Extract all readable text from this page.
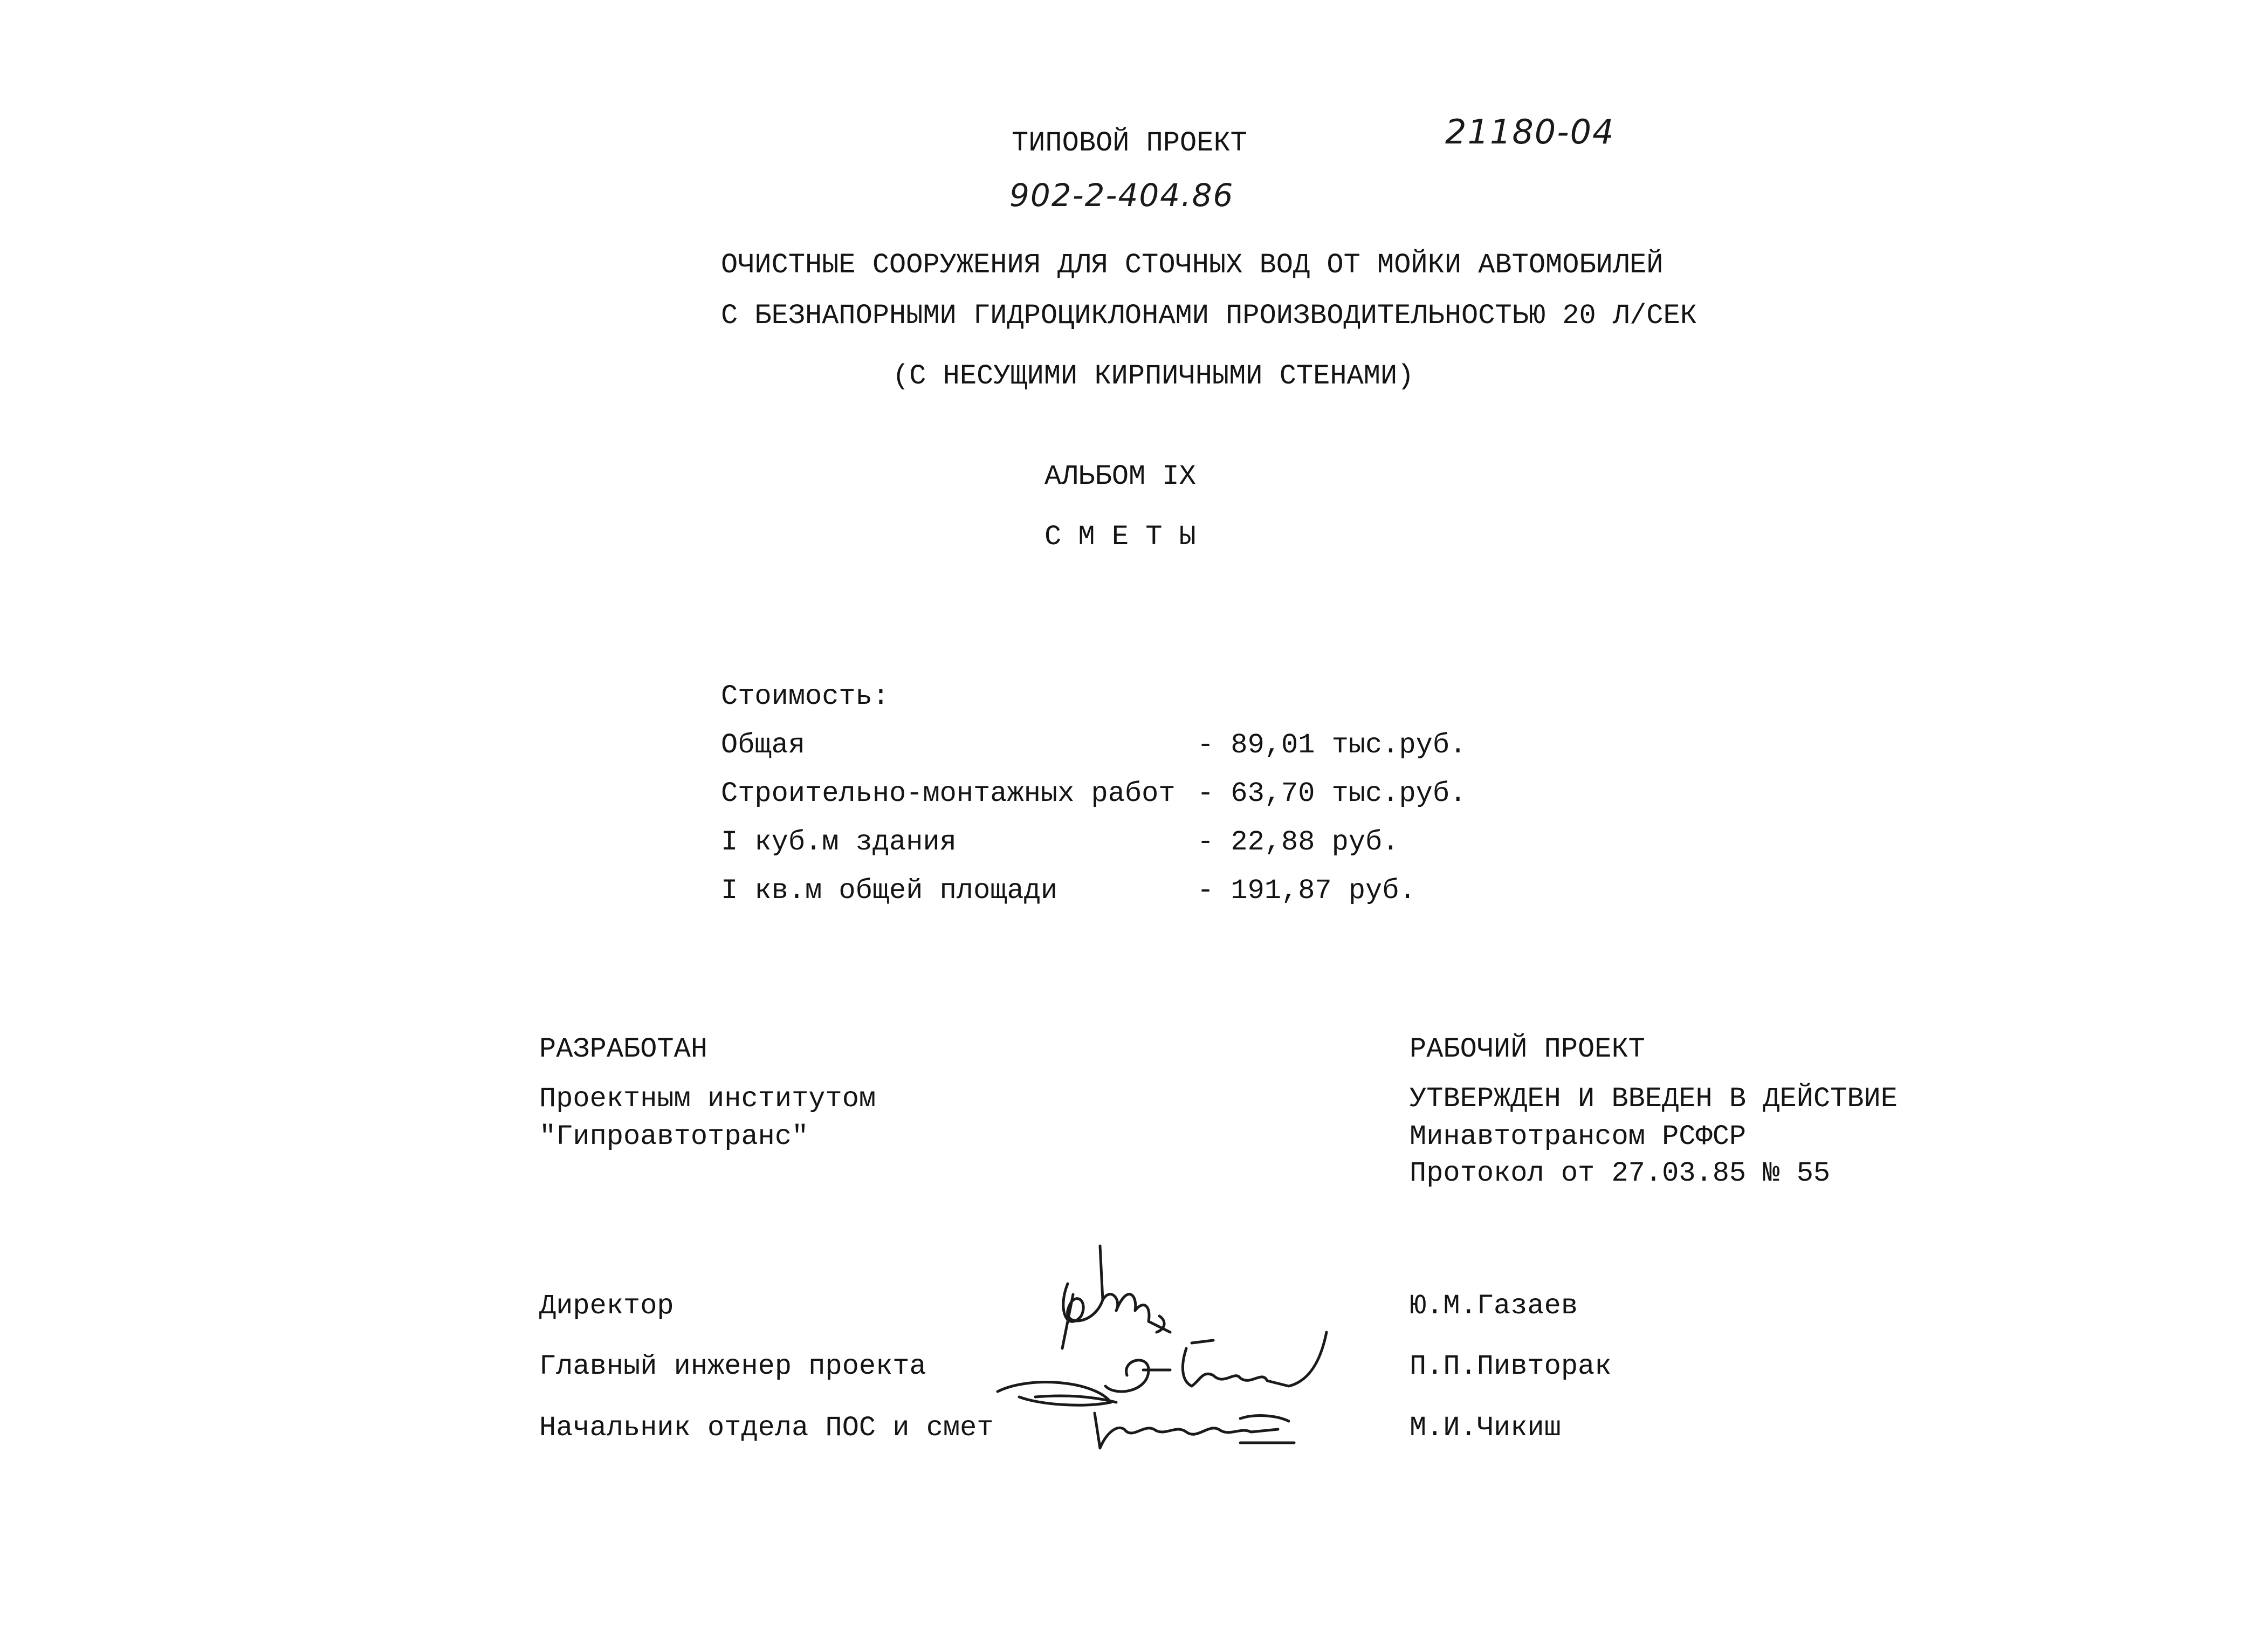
ТИПОВОЙ ПРОЕКТ	21180-04
902-2-404.86
ОЧИСТНЫЕ СООРУЖЕНИЯ ДЛЯ СТОЧНЫХ ВОД ОТ МОЙКИ АВТОМОБИЛЕЙ
С БЕЗНАПОРНЫМИ ГИДРОЦИКЛОНАМИ ПРОИЗВОДИТЕЛЬНОСТЬЮ 20 Л/СЕК
(С НЕСУЩИМИ КИРПИЧНЫМИ СТЕНАМИ)
АЛЬБОМ IX
С М Е Т Ы
Стоимость:
Общая	- 89,01 тыс.руб.
Строительно-монтажных работ - 63,70 тыс.руб.
I куб.м здания	- 22,88 руб.
I кв.м общей площади	- 191,87 руб.
РАЗРАБОТАН
Проектным институтом
"Гипроавтотранс"
РАБОЧИЙ ПРОЕКТ
УТВЕРЖДЕН И ВВЕДЕН В ДЕЙСТВИЕ
Минавтотрансом РСФСР
Протокол от 27.03.85 № 55
Директор	Ю.М.Газаев
Главный инженер проекта	П.П.Пивторак
Начальник отдела ПОС и смет	М.И.Чикиш
